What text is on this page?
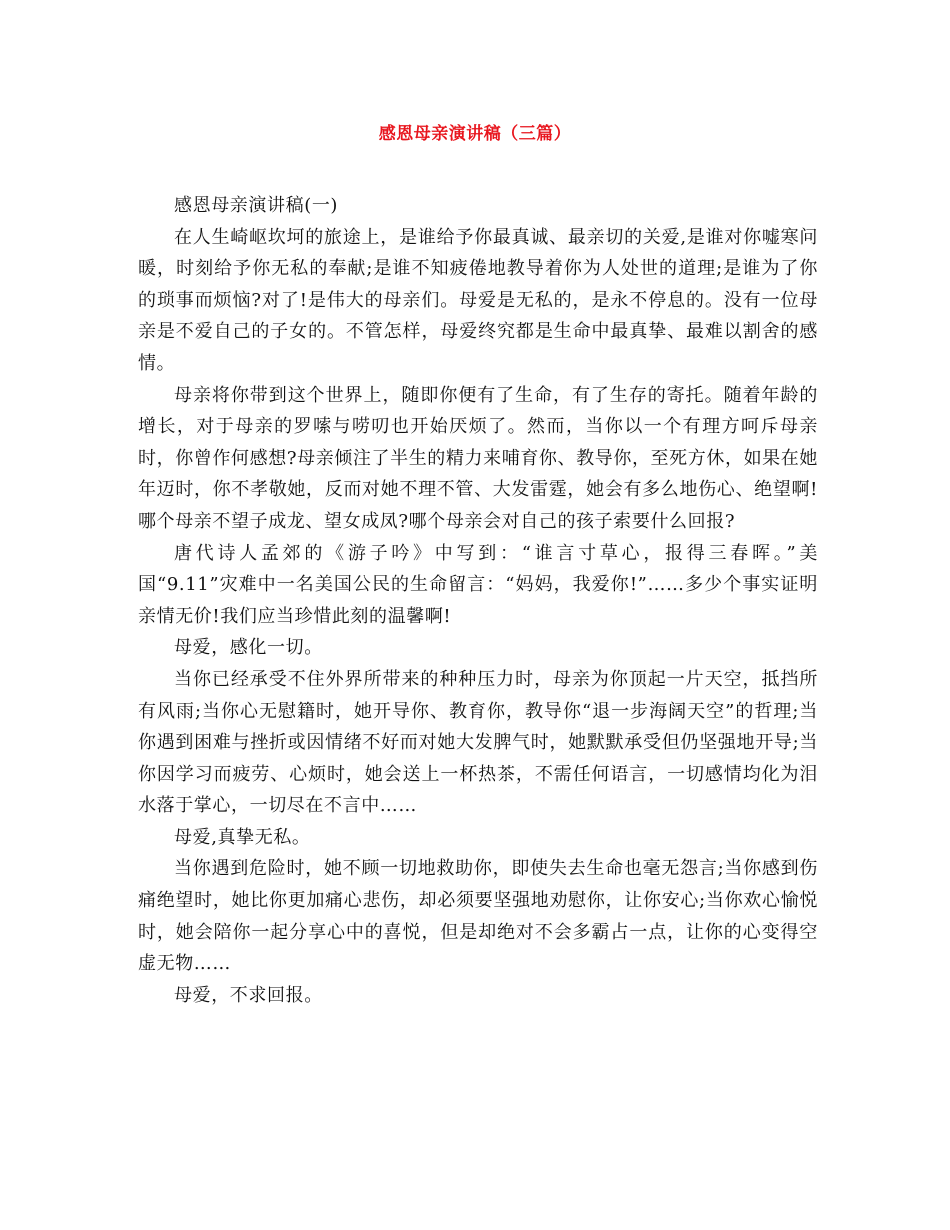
感恩母亲演讲稿（三篇）

感恩母亲演讲稿(一)

在人生崎岖坎坷的旅途上，是谁给予你最真诚、最亲切的关爱,是谁对你嘘寒问暖，时刻给予你无私的奉献;是谁不知疲倦地教导着你为人处世的道理;是谁为了你的琐事而烦恼?对了!是伟大的母亲们。母爱是无私的，是永不停息的。没有一位母亲是不爱自己的子女的。不管怎样，母爱终究都是生命中最真挚、最难以割舍的感情。

母亲将你带到这个世界上，随即你便有了生命，有了生存的寄托。随着年龄的增长，对于母亲的罗嗦与唠叨也开始厌烦了。然而，当你以一个有理方呵斥母亲时，你曾作何感想?母亲倾注了半生的精力来哺育你、教导你，至死方休，如果在她年迈时，你不孝敬她，反而对她不理不管、大发雷霆，她会有多么地伤心、绝望啊!哪个母亲不望子成龙、望女成凤?哪个母亲会对自己的孩子索要什么回报?

唐代诗人孟郊的《游子吟》中写到：“谁言寸草心，报得三春晖。”美国“9.11”灾难中一名美国公民的生命留言：“妈妈，我爱你!”……多少个事实证明亲情无价!我们应当珍惜此刻的温馨啊!

母爱，感化一切。

当你已经承受不住外界所带来的种种压力时，母亲为你顶起一片天空，抵挡所有风雨;当你心无慰籍时，她开导你、教育你，教导你“退一步海阔天空”的哲理;当你遇到困难与挫折或因情绪不好而对她大发脾气时，她默默承受但仍坚强地开导;当你因学习而疲劳、心烦时，她会送上一杯热茶，不需任何语言，一切感情均化为泪水落于掌心，一切尽在不言中……

母爱,真挚无私。

当你遇到危险时，她不顾一切地救助你，即使失去生命也毫无怨言;当你感到伤痛绝望时，她比你更加痛心悲伤，却必须要坚强地劝慰你，让你安心;当你欢心愉悦时，她会陪你一起分享心中的喜悦，但是却绝对不会多霸占一点，让你的心变得空虚无物……

母爱，不求回报。
